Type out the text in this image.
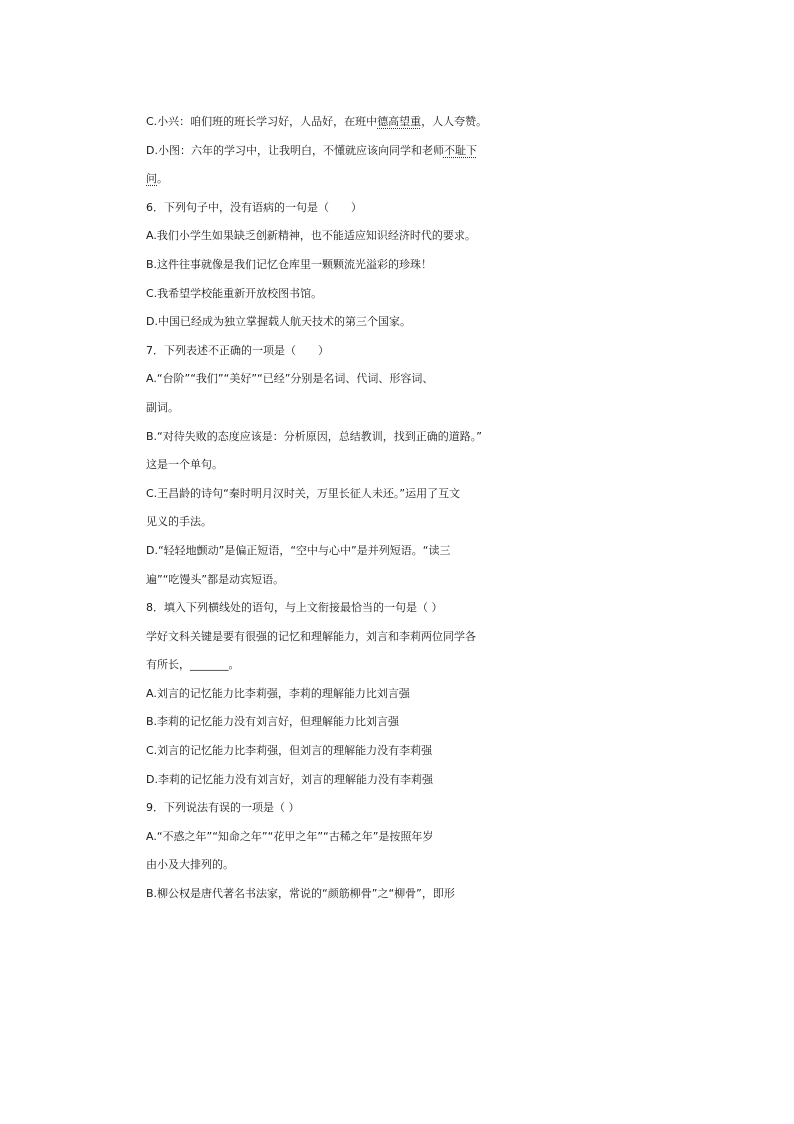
C.小兴：咱们班的班长学习好，人品好，在班中德高望重，人人夸赞。
D.小图：六年的学习中，让我明白，不懂就应该向同学和老师不耻下
问。
6．下列句子中，没有语病的一句是（　　）
A.我们小学生如果缺乏创新精神，也不能适应知识经济时代的要求。
B.这件往事就像是我们记忆仓库里一颗颗流光溢彩的珍珠！
C.我希望学校能重新开放校图书馆。
D.中国已经成为独立掌握载人航天技术的第三个国家。
7．下列表述不正确的一项是（　　）
A.“台阶”“我们”“美好”“已经”分别是名词、代词、形容词、
副词。
B.“对待失败的态度应该是：分析原因，总结教训，找到正确的道路。”
这是一个单句。
C.王昌龄的诗句“秦时明月汉时关，万里长征人未还。”运用了互文
见义的手法。
D.“轻轻地颤动”是偏正短语，“空中与心中”是并列短语。“读三
遍”“吃馒头”都是动宾短语。
8．填入下列横线处的语句，与上文衔接最恰当的一句是（ ）
学好文科关键是要有很强的记忆和理解能力，刘言和李莉两位同学各
有所长，_______。
A.刘言的记忆能力比李莉强，李莉的理解能力比刘言强
B.李莉的记忆能力没有刘言好，但理解能力比刘言强
C.刘言的记忆能力比李莉强，但刘言的理解能力没有李莉强
D.李莉的记忆能力没有刘言好，刘言的理解能力没有李莉强
9．下列说法有误的一项是（ ）
A.“不惑之年”“知命之年”“花甲之年”“古稀之年”是按照年岁
由小及大排列的。
B.柳公权是唐代著名书法家，常说的“颜筋柳骨”之“柳骨”，即形
